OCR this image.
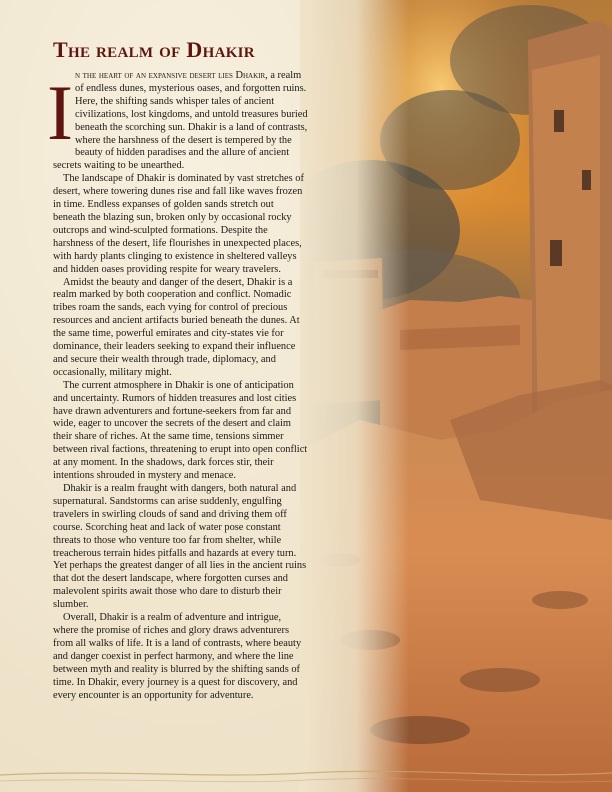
The realm of Dhakir

I n the heart of an expansive desert lies Dhakir, a realm of endless dunes, mysterious oases, and forgotten ruins. Here, the shifting sands whisper tales of ancient civilizations, lost kingdoms, and untold treasures buried beneath the scorching sun. Dhakir is a land of contrasts, where the harshness of the desert is tempered by the beauty of hidden paradises and the allure of ancient secrets waiting to be unearthed.

The landscape of Dhakir is dominated by vast stretches of desert, where towering dunes rise and fall like waves frozen in time. Endless expanses of golden sands stretch out beneath the blazing sun, broken only by occasional rocky outcrops and wind-sculpted formations. Despite the harshness of the desert, life flourishes in unexpected places, with hardy plants clinging to existence in sheltered valleys and hidden oases providing respite for weary travelers.

Amidst the beauty and danger of the desert, Dhakir is a realm marked by both cooperation and conflict. Nomadic tribes roam the sands, each vying for control of precious resources and ancient artifacts buried beneath the dunes. At the same time, powerful emirates and city-states vie for dominance, their leaders seeking to expand their influence and secure their wealth through trade, diplomacy, and occasionally, military might.

The current atmosphere in Dhakir is one of anticipation and uncertainty. Rumors of hidden treasures and lost cities have drawn adventurers and fortune-seekers from far and wide, eager to uncover the secrets of the desert and claim their share of riches. At the same time, tensions simmer between rival factions, threatening to erupt into open conflict at any moment. In the shadows, dark forces stir, their intentions shrouded in mystery and menace.

Dhakir is a realm fraught with dangers, both natural and supernatural. Sandstorms can arise suddenly, engulfing travelers in swirling clouds of sand and driving them off course. Scorching heat and lack of water pose constant threats to those who venture too far from shelter, while treacherous terrain hides pitfalls and hazards at every turn. Yet perhaps the greatest danger of all lies in the ancient ruins that dot the desert landscape, where forgotten curses and malevolent spirits await those who dare to disturb their slumber.

Overall, Dhakir is a realm of adventure and intrigue, where the promise of riches and glory draws adventurers from all walks of life. It is a land of contrasts, where beauty and danger coexist in perfect harmony, and where the line between myth and reality is blurred by the shifting sands of time. In Dhakir, every journey is a quest for discovery, and every encounter is an opportunity for adventure.
